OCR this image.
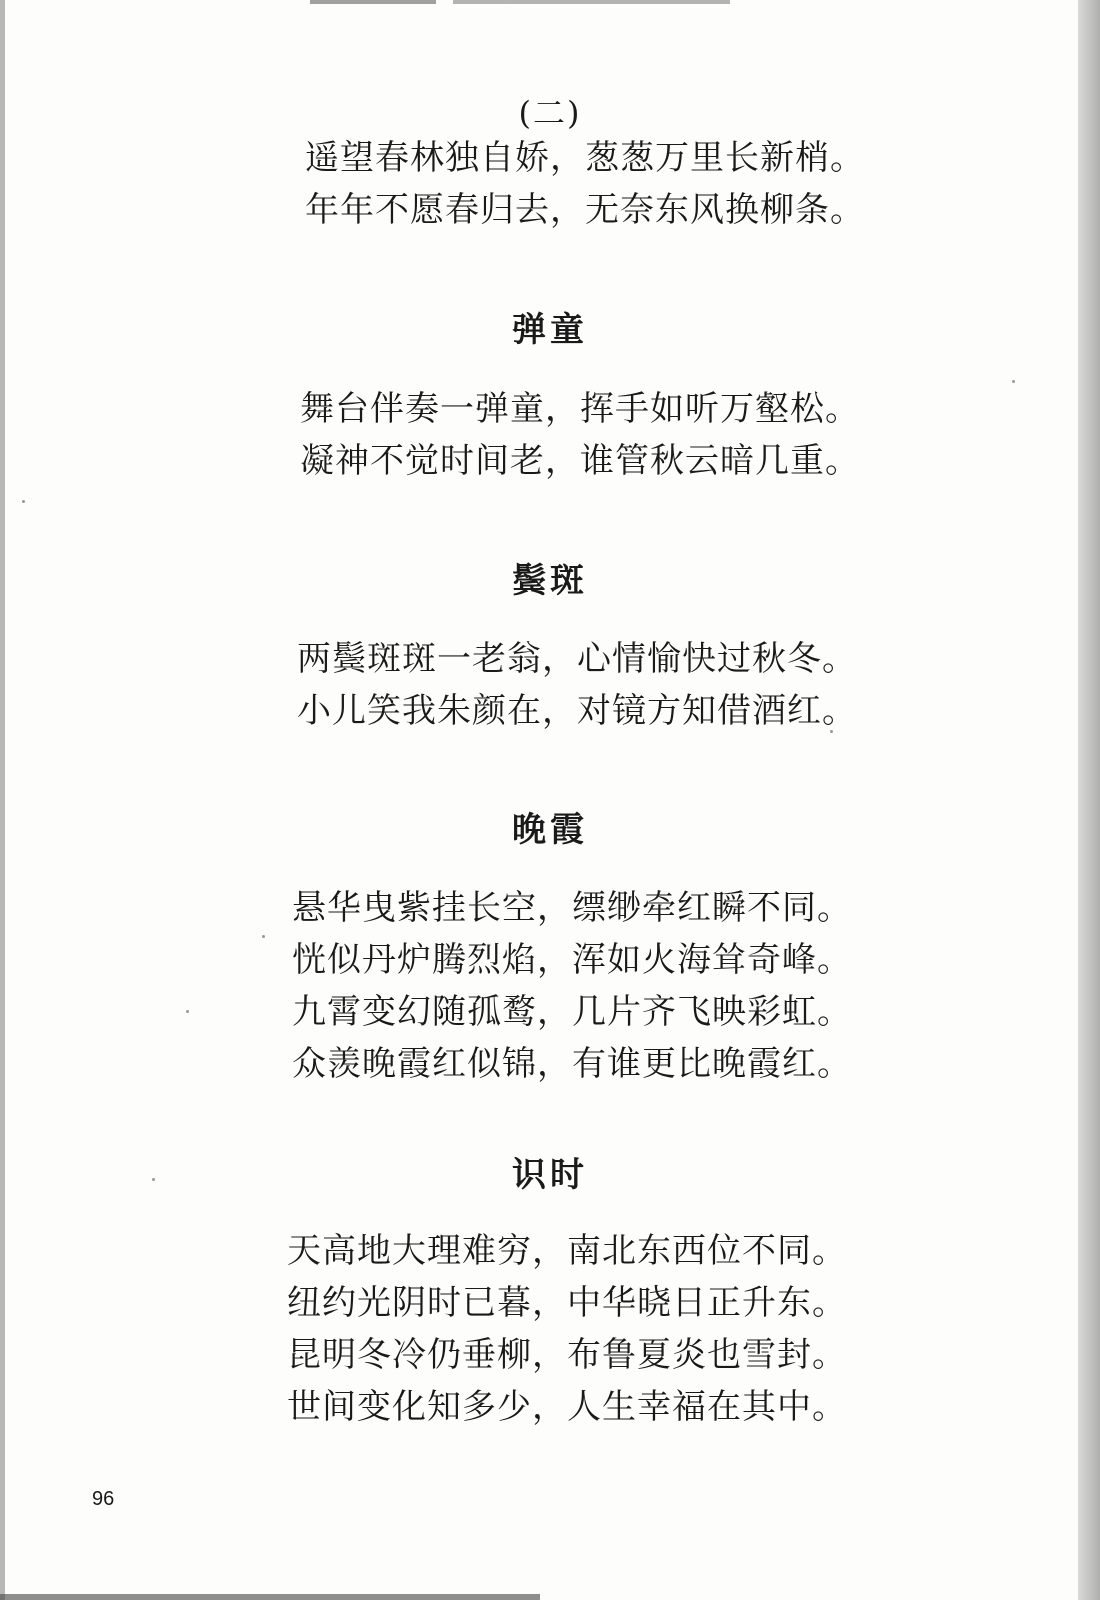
(二)
遥望春林独自娇，葱葱万里长新梢。
年年不愿春归去，无奈东风换柳条。
弹童
舞台伴奏一弹童，挥手如听万壑松。
凝神不觉时间老，谁管秋云暗几重。
鬓斑
两鬓斑斑一老翁，心情愉快过秋冬。
小儿笑我朱颜在，对镜方知借酒红。
晚霞
悬华曳紫挂长空，缥缈牵红瞬不同。
恍似丹炉腾烈焰，浑如火海耸奇峰。
九霄变幻随孤鹜，几片齐飞映彩虹。
众羡晚霞红似锦，有谁更比晚霞红。
识时
天高地大理难穷，南北东西位不同。
纽约光阴时已暮，中华晓日正升东。
昆明冬冷仍垂柳，布鲁夏炎也雪封。
世间变化知多少，人生幸福在其中。
96
